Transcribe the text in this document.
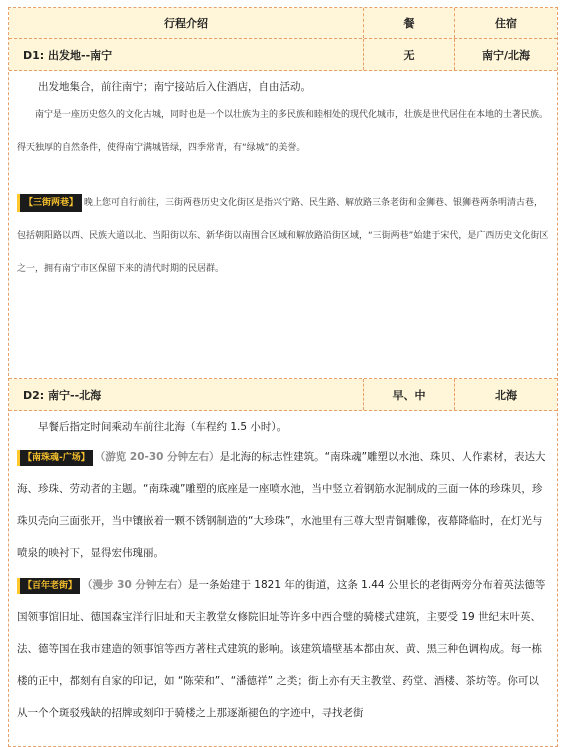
行程介绍	餐	住宿
D1: 出发地--南宁	无	南宁/北海

出发地集合，前往南宁；南宁接站后入住酒店，自由活动。

南宁是一座历史悠久的文化古城，同时也是一个以壮族为主的多民族和睦相处的现代化城市，壮族是世代居住在本地的土著民族。得天独厚的自然条件，使得南宁满城皆绿，四季常青，有“绿城”的美誉。

【三街两巷】 晚上您可自行前往，三街两巷历史文化街区是指兴宁路、民生路、解放路三条老街和金狮巷、银狮巷两条明清古巷，包括朝阳路以西、民族大道以北、当阳街以东、新华街以南围合区域和解放路沿街区域，“三街两巷”始建于宋代，是广西历史文化街区之一，拥有南宁市区保留下来的清代时期的民居群。

D2: 南宁--北海	早、中	北海

早餐后指定时间乘动车前往北海（车程约 1.5 小时）。

【南珠魂-广场】 （游览 20-30 分钟左右）是北海的标志性建筑。“南珠魂”雕塑以水池、珠贝、人作素材，表达大海、珍珠、劳动者的主题。“南珠魂”雕塑的底座是一座喷水池，当中竖立着钢筋水泥制成的三面一体的珍珠贝，珍珠贝壳向三面张开，当中镶嵌着一颗不锈钢制造的“大珍珠”，水池里有三尊大型青铜雕像，夜幕降临时，在灯光与喷泉的映衬下，显得宏伟瑰丽。

【百年老街】 （漫步 30 分钟左右）是一条始建于 1821 年的街道，这条 1.44 公里长的老街两旁分布着英法德等国领事馆旧址、德国森宝洋行旧址和天主教堂女修院旧址等许多中西合璧的骑楼式建筑，主要受 19 世纪末叶英、法、德等国在我市建造的领事馆等西方著柱式建筑的影响。该建筑墙壁基本都由灰、黄、黑三种色调构成。每一栋楼的正中，都刻有自家的印记，如 “陈荣和”、“潘德祥” 之类；街上亦有天主教堂、药堂、酒楼、茶坊等。你可以从一个个斑驳残缺的招牌或刻印于骑楼之上那逐渐褪色的字迹中，寻找老街
